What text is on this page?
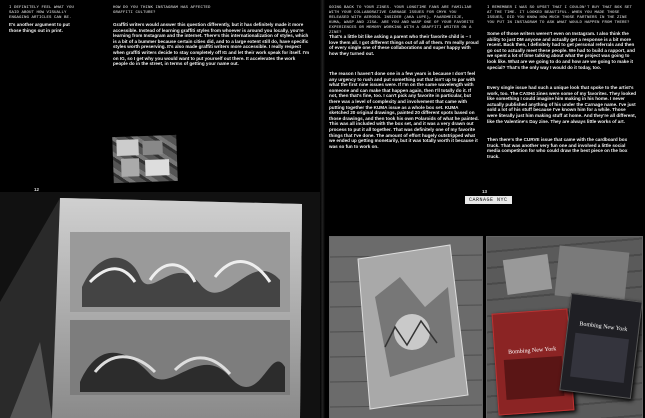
I DEFINITELY FEEL WHAT YOU SAID ABOUT HOW VISUALLY ENGAGING ARTICLES CAN BE.
It's another argument to put those things out in print.
HOW DO YOU THINK INSTAGRAM HAS AFFECTED GRAFFITI CULTURE?
Graffiti writers would answer this question differently, but it has definitely made it more accessible. Instead of learning graffiti styles from whoever is around you locally, you're learning from Instagram and the internet. There's this internationalization of styles, which is a bit of a bummer because certain cities did, and to a large extent still do, have specific styles worth preserving. It's also made graffiti writers more accessible. I really respect when graffiti writers decide to stay completely off IG and let their work speak for itself. I'm on IG, so I get why you would want to put yourself out there. It accelerates the work people do in the street, in terms of getting your name out.
12
GOING BACK TO YOUR ZINES. YOUR LONGTIME FANS ARE FAMILIAR WITH YOUR COLLABORATIVE CARNAGE ISSUES FOR CMYK YOU RELEASED WITH AEROSOL INSIDER (AKA LUPE), PAARDMEISJE, KUMA, WASP AND JISA. ARE YOU AND WASP ONE OF YOUR FAVORITE EXPERIENCES OR MEMORY WORKING WITH A GRAFFITI WRITER ON A ZINE?
That's a little bit like asking a parent who their favorite child is – I love them all. I got different things out of all of them. I'm really proud of every single one of these collaborations and super happy with how they turned out.
The reason I haven't done one in a few years is because I don't feel any urgency to rush and put something out that isn't up to par with what the first nine issues were. If I'm on the same wavelength with someone and can make that happen again, then I'll totally do it. If not, then that's fine, too. I can't pick any favorite in particular, but there was a level of complexity and involvement that came with putting together the KUMA issue as a whole box set. KUMA sketched 20 original drawings, painted 20 different spots based on those drawings, and then took his own Polaroids of what he painted. This was all included with the box set, and it was a very drawn out process to put it all together. That was definitely one of my favorite things that I've done. The amount of effort hugely outstripped what we ended up getting monetarily, but it was totally worth it because it was so fun to work on.
I REMEMBER I WAS SO UPSET THAT I COULDN'T BUY THAT BOX SET AT THE TIME. IT LOOKED BEAUTIFUL. WHEN YOU MADE THOSE ISSUES, DID YOU KNOW HOW MUCH THOSE PARTNERS IN THE ZINE YOU PUT IN INSTAGRAM TO ASK WHAT WOULD HAPPEN FROM THERE?
Some of those writers weren't even on Instagram. I also think the ability to just DM anyone and actually get a response is a bit more recent. Back then, I definitely had to get personal referrals and then go out to actually meet these people. We had to build a rapport, and we spent a lot of time talking about what the project was going to look like. What are we going to do and how are we going to make it special? That's the only way I would do it today, too.
Every single issue had such a unique look that spoke to the artist's work, too. The CASH4 zines were some of my favorites. They looked like something I could imagine him making in his home. I never actually published anything of his under the Carnage name. I've just sold a lot of his stuff because I've known him for a while. Those were literally just him making stuff at home. And they're all different, like the Valentine's Day zine. They are always little works of art.
Then there's the CURVE issue that came with the cardboard box truck. That was another very fun one and involved a little social media competition for who could draw the best piece on the box truck.
13
CARNAGE NYC
Bombing New York
Bombing New York
